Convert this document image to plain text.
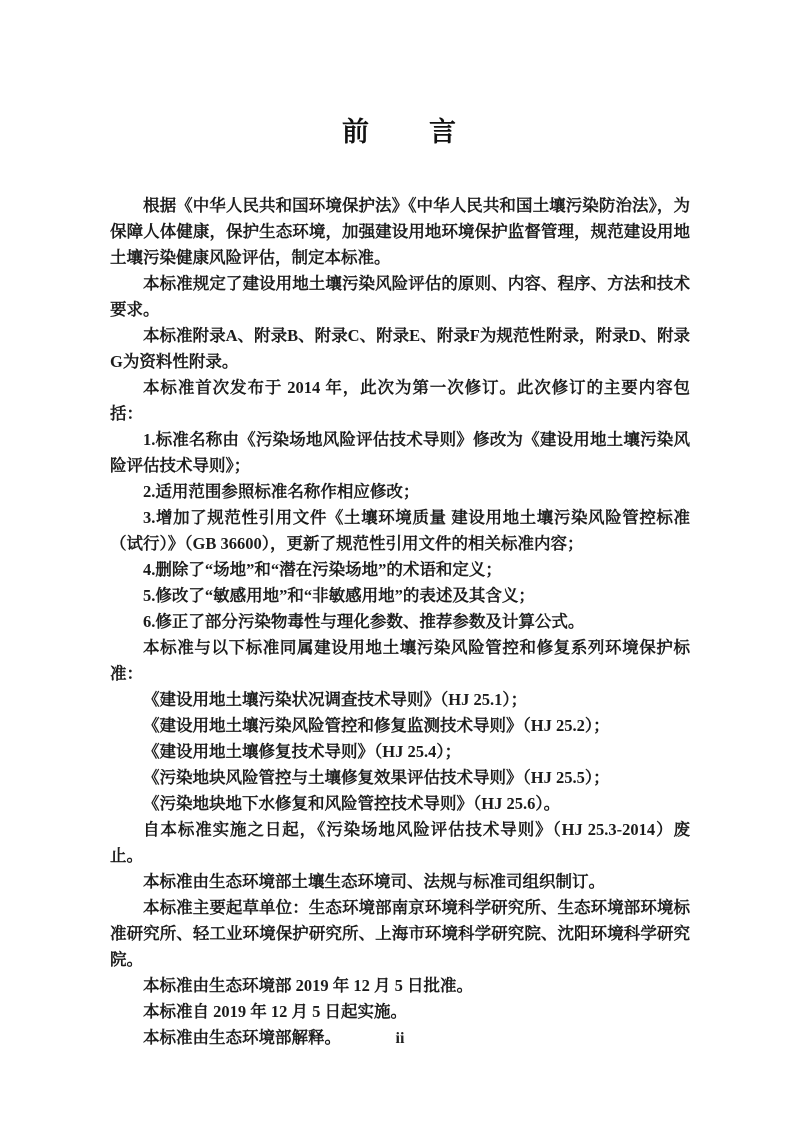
前　　言

根据《中华人民共和国环境保护法》《中华人民共和国土壤污染防治法》，为保障人体健康，保护生态环境，加强建设用地环境保护监督管理，规范建设用地土壤污染健康风险评估，制定本标准。

本标准规定了建设用地土壤污染风险评估的原则、内容、程序、方法和技术要求。

本标准附录A、附录B、附录C、附录E、附录F为规范性附录，附录D、附录G为资料性附录。

本标准首次发布于 2014 年，此次为第一次修订。此次修订的主要内容包括：

1.标准名称由《污染场地风险评估技术导则》修改为《建设用地土壤污染风险评估技术导则》；

2.适用范围参照标准名称作相应修改；

3.增加了规范性引用文件《土壤环境质量 建设用地土壤污染风险管控标准（试行）》（GB 36600），更新了规范性引用文件的相关标准内容；

4.删除了“场地”和“潜在污染场地”的术语和定义；

5.修改了“敏感用地”和“非敏感用地”的表述及其含义；

6.修正了部分污染物毒性与理化参数、推荐参数及计算公式。

本标准与以下标准同属建设用地土壤污染风险管控和修复系列环境保护标准：

《建设用地土壤污染状况调查技术导则》（HJ 25.1）；

《建设用地土壤污染风险管控和修复监测技术导则》（HJ 25.2）；

《建设用地土壤修复技术导则》（HJ 25.4）；

《污染地块风险管控与土壤修复效果评估技术导则》（HJ 25.5）；

《污染地块地下水修复和风险管控技术导则》（HJ 25.6）。

自本标准实施之日起，《污染场地风险评估技术导则》（HJ 25.3-2014）废止。

本标准由生态环境部土壤生态环境司、法规与标准司组织制订。

本标准主要起草单位：生态环境部南京环境科学研究所、生态环境部环境标准研究所、轻工业环境保护研究所、上海市环境科学研究院、沈阳环境科学研究院。

本标准由生态环境部 2019 年 12 月 5 日批准。

本标准自 2019 年 12 月 5 日起实施。

本标准由生态环境部解释。	ii
